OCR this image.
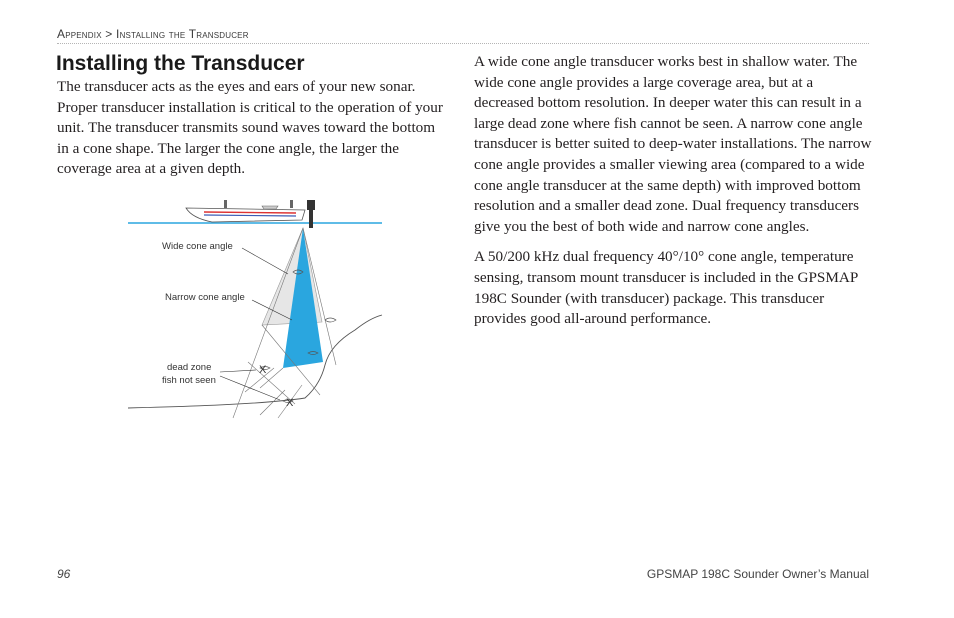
Appendix > Installing the Transducer
Installing the Transducer

The transducer acts as the eyes and ears of your new sonar. Proper transducer installation is critical to the operation of your unit. The transducer transmits sound waves toward the bottom in a cone shape. The larger the cone angle, the larger the coverage area at a given depth.

X
X
Wide cone angle
Narrow cone angle
dead zone
fish not seen

A wide cone angle transducer works best in shallow water. The wide cone angle provides a large coverage area, but at a decreased bottom resolution. In deeper water this can result in a large dead zone where fish cannot be seen. A narrow cone angle transducer is better suited to deep-water installations. The narrow cone angle provides a smaller viewing area (compared to a wide cone angle transducer at the same depth) with improved bottom resolution and a smaller dead zone. Dual frequency transducers give you the best of both wide and narrow cone angles.

A 50/200 kHz dual frequency 40°/10° cone angle, temperature sensing, transom mount transducer is included in the GPSMAP 198C Sounder (with transducer) package. This transducer provides good all-around performance.

96	GPSMAP 198C Sounder Owner’s Manual
